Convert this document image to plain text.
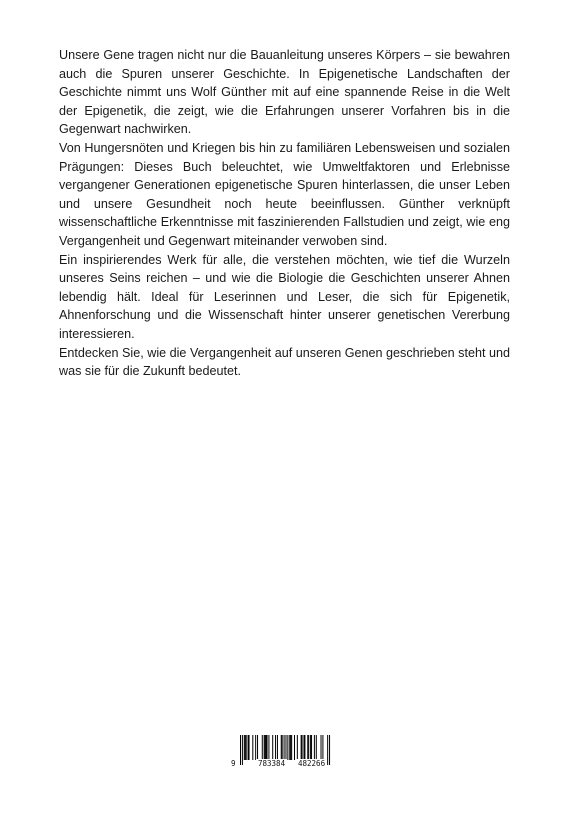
Unsere Gene tragen nicht nur die Bauanleitung unseres Körpers – sie bewahren auch die Spuren unserer Geschichte. In Epigenetische Landschaften der Geschichte nimmt uns Wolf Günther mit auf eine spannende Reise in die Welt der Epigenetik, die zeigt, wie die Erfahrungen unserer Vorfahren bis in die Gegenwart nachwirken.

Von Hungersnöten und Kriegen bis hin zu familiären Lebensweisen und sozialen Prägungen: Dieses Buch beleuchtet, wie Umweltfaktoren und Erlebnisse vergangener Generationen epigenetische Spuren hinterlassen, die unser Leben und unsere Gesundheit noch heute beeinflussen. Günther verknüpft wissenschaftliche Erkenntnisse mit faszinierenden Fallstudien und zeigt, wie eng Vergangenheit und Gegenwart miteinander verwoben sind.

Ein inspirierendes Werk für alle, die verstehen möchten, wie tief die Wurzeln unseres Seins reichen – und wie die Biologie die Geschichten unserer Ahnen lebendig hält. Ideal für Leserinnen und Leser, die sich für Epigenetik, Ahnenforschung und die Wissenschaft hinter unserer genetischen Vererbung interessieren.

Entdecken Sie, wie die Vergangenheit auf unseren Genen geschrieben steht und was sie für die Zukunft bedeutet.

9	783384 482266
